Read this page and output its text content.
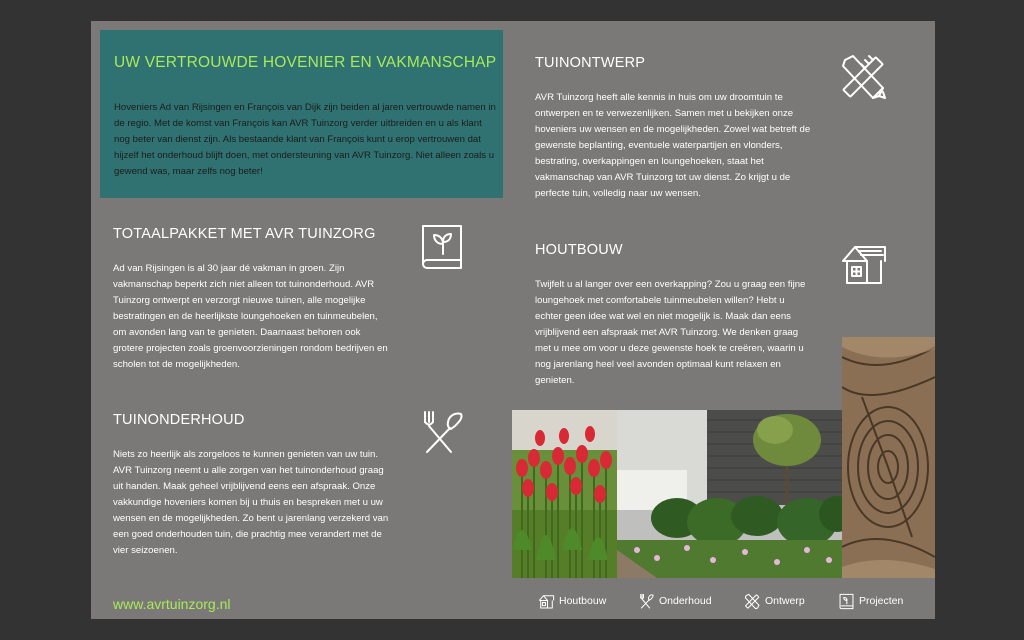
UW VERTROUWDE HOVENIER EN VAKMANSCHAP

Hoveniers Ad van Rijsingen en François van Dijk zijn beiden al jaren vertrouwde namen in de regio. Met de komst van François kan AVR Tuinzorg verder uitbreiden en u als klant nog beter van dienst zijn. Als bestaande klant van François kunt u erop vertrouwen dat hijzelf het onderhoud blijft doen, met ondersteuning van AVR Tuinzorg. Niet alleen zoals u gewend was, maar zelfs nog beter!

TOTAALPAKKET MET AVR TUINZORG

Ad van Rijsingen is al 30 jaar dé vakman in groen. Zijn vakmanschap beperkt zich niet alleen tot tuinonderhoud. AVR Tuinzorg ontwerpt en verzorgt nieuwe tuinen, alle mogelijke bestratingen en de heerlijkste loungehoeken en tuinmeubelen, om avonden lang van te genieten. Daarnaast behoren ook grotere projecten zoals groenvoorzieningen rondom bedrijven en scholen tot de mogelijkheden.

TUINONDERHOUD

Niets zo heerlijk als zorgeloos te kunnen genieten van uw tuin. AVR Tuinzorg neemt u alle zorgen van het tuinonderhoud graag uit handen. Maak geheel vrijblijvend eens een afspraak. Onze vakkundige hoveniers komen bij u thuis en bespreken met u uw wensen en de mogelijkheden. Zo bent u jarenlang verzekerd van een goed onderhouden tuin, die prachtig mee verandert met de vier seizoenen.

TUINONTWERP

AVR Tuinzorg heeft alle kennis in huis om uw droomtuin te ontwerpen en te verwezenlijken. Samen met u bekijken onze hoveniers uw wensen en de mogelijkheden. Zowel wat betreft de gewenste beplanting, eventuele waterpartijen en vlonders, bestrating, overkappingen en loungehoeken, staat het vakmanschap van AVR Tuinzorg tot uw dienst. Zo krijgt u de perfecte tuin, volledig naar uw wensen.

HOUTBOUW

Twijfelt u al langer over een overkapping? Zou u graag een fijne loungehoek met comfortabele tuinmeubelen willen? Hebt u echter geen idee wat wel en niet mogelijk is. Maak dan eens vrijblijvend een afspraak met AVR Tuinzorg. We denken graag met u mee om voor u deze gewenste hoek te creëren, waarin u nog jarenlang heel veel avonden optimaal kunt relaxen en genieten.

www.avrtuinzorg.nl	Houtbouw	Onderhoud	Ontwerp	Projecten
